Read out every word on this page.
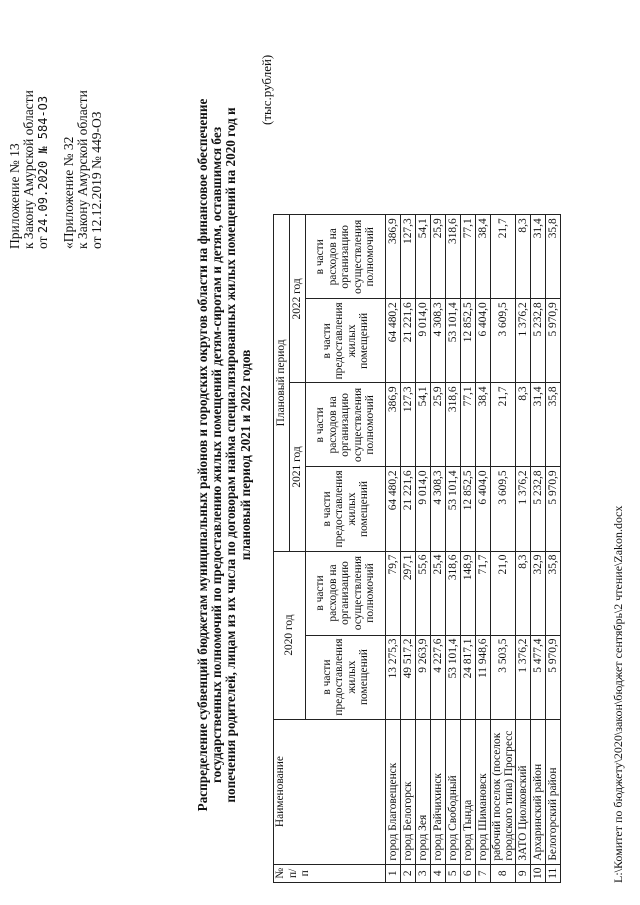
Приложение № 13 к Закону Амурской области от 24.09.2020 № 584-ОЗ «Приложение № 32 к Закону Амурской области от 12.12.2019 № 449-ОЗ	Распределение субвенций бюджетам муниципальных районов и городских округов области на финансовое обеспечение государственных полномочий по предоставлению жилых помещений детям-сиротам и детям, оставшимся без попечения родителей, лицам из их числа по договорам найма специализированных жилых помещений на 2020 год и плановый период 2021 и 2022 годов
(тыс.рублей)
№ п/п	Наименование	2020 год		Плановый период			
				2021 год		2022 год	
		в части предоставления жилых помещений	в части расходов на организацию осуществления полномочий	в части предоставления жилых помещений	в части расходов на организацию осуществления полномочий	в части предоставления жилых помещений	в части расходов на организацию осуществления полномочий
1	город Благовещенск	13 275,3	79,7	64 480,2	386,9	64 480,2	386,9
2	город Белогорск	49 517,2	297,1	21 221,6	127,3	21 221,6	127,3
3	город Зея	9 263,9	55,6	9 014,0	54,1	9 014,0	54,1
4	город Райчихинск	4 227,6	25,4	4 308,3	25,9	4 308,3	25,9
5	город Свободный	53 101,4	318,6	53 101,4	318,6	53 101,4	318,6
6	город Тында	24 817,1	148,9	12 852,5	77,1	12 852,5	77,1
7	город Шимановск	11 948,6	71,7	6 404,0	38,4	6 404,0	38,4
8	рабочий поселок (поселок городского типа) Прогресс	3 503,5	21,0	3 609,5	21,7	3 609,5	21,7
9	ЗАТО Циолковский	1 376,2	8,3	1 376,2	8,3	1 376,2	8,3
10	Архаринский район	5 477,4	32,9	5 232,8	31,4	5 232,8	31,4
11	Белогорский район	5 970,9	35,8	5 970,9	35,8	5 970,9	35,8
L:\Комитет по бюджету\2020\закон\бюджет сентябрь\2 чтение\Zakon.docx
